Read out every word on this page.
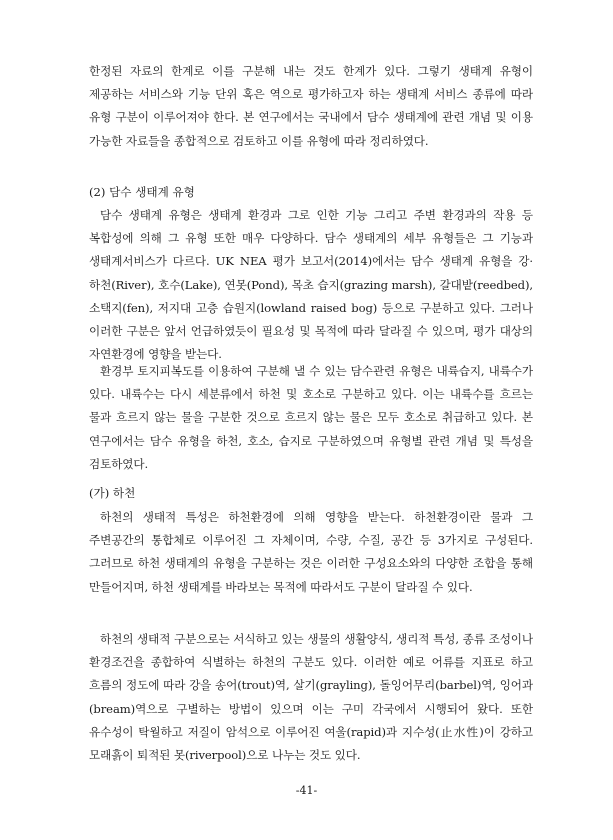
한정된 자료의 한계로 이를 구분해 내는 것도 한계가 있다. 그렇기 생태계 유형이 제공하는 서비스와 기능 단위 혹은 역으로 평가하고자 하는 생태계 서비스 종류에 따라 유형 구분이 이루어져야 한다. 본 연구에서는 국내에서 담수 생태계에 관련 개념 및 이용 가능한 자료들을 종합적으로 검토하고 이를 유형에 따라 정리하였다.

(2) 담수 생태계 유형

담수 생태계 유형은 생태계 환경과 그로 인한 기능 그리고 주변 환경과의 작용 등 복합성에 의해 그 유형 또한 매우 다양하다. 담수 생태계의 세부 유형들은 그 기능과 생태계서비스가 다르다. UK NEA 평가 보고서(2014)에서는 담수 생태계 유형을 강·하천(River), 호수(Lake), 연못(Pond), 목초 습지(grazing marsh), 갈대밭(reedbed), 소택지(fen), 저지대 고층 습원지(lowland raised bog) 등으로 구분하고 있다. 그러나 이러한 구분은 앞서 언급하였듯이 필요성 및 목적에 따라 달라질 수 있으며, 평가 대상의 자연환경에 영향을 받는다.

환경부 토지피복도를 이용하여 구분해 낼 수 있는 담수관련 유형은 내륙습지, 내륙수가 있다. 내륙수는 다시 세분류에서 하천 및 호소로 구분하고 있다. 이는 내륙수를 흐르는 물과 흐르지 않는 물을 구분한 것으로 흐르지 않는 물은 모두 호소로 취급하고 있다. 본 연구에서는 담수 유형을 하천, 호소, 습지로 구분하였으며 유형별 관련 개념 및 특성을 검토하였다.

(가) 하천

하천의 생태적 특성은 하천환경에 의해 영향을 받는다. 하천환경이란 물과 그 주변공간의 통합체로 이루어진 그 자체이며, 수량, 수질, 공간 등 3가지로 구성된다. 그러므로 하천 생태계의 유형을 구분하는 것은 이러한 구성요소와의 다양한 조합을 통해 만들어지며, 하천 생태계를 바라보는 목적에 따라서도 구분이 달라질 수 있다.

하천의 생태적 구분으로는 서식하고 있는 생물의 생활양식, 생리적 특성, 종류 조성이나 환경조건을 종합하여 식별하는 하천의 구분도 있다. 이러한 예로 어류를 지표로 하고 흐름의 정도에 따라 강을 송어(trout)역, 살기(grayling), 돌잉어무리(barbel)역, 잉어과(bream)역으로 구별하는 방법이 있으며 이는 구미 각국에서 시행되어 왔다. 또한 유수성이 탁월하고 저질이 암석으로 이루어진 여울(rapid)과 지수성(止水性)이 강하고 모래흙이 퇴적된 못(riverpool)으로 나누는 것도 있다.

-41-
